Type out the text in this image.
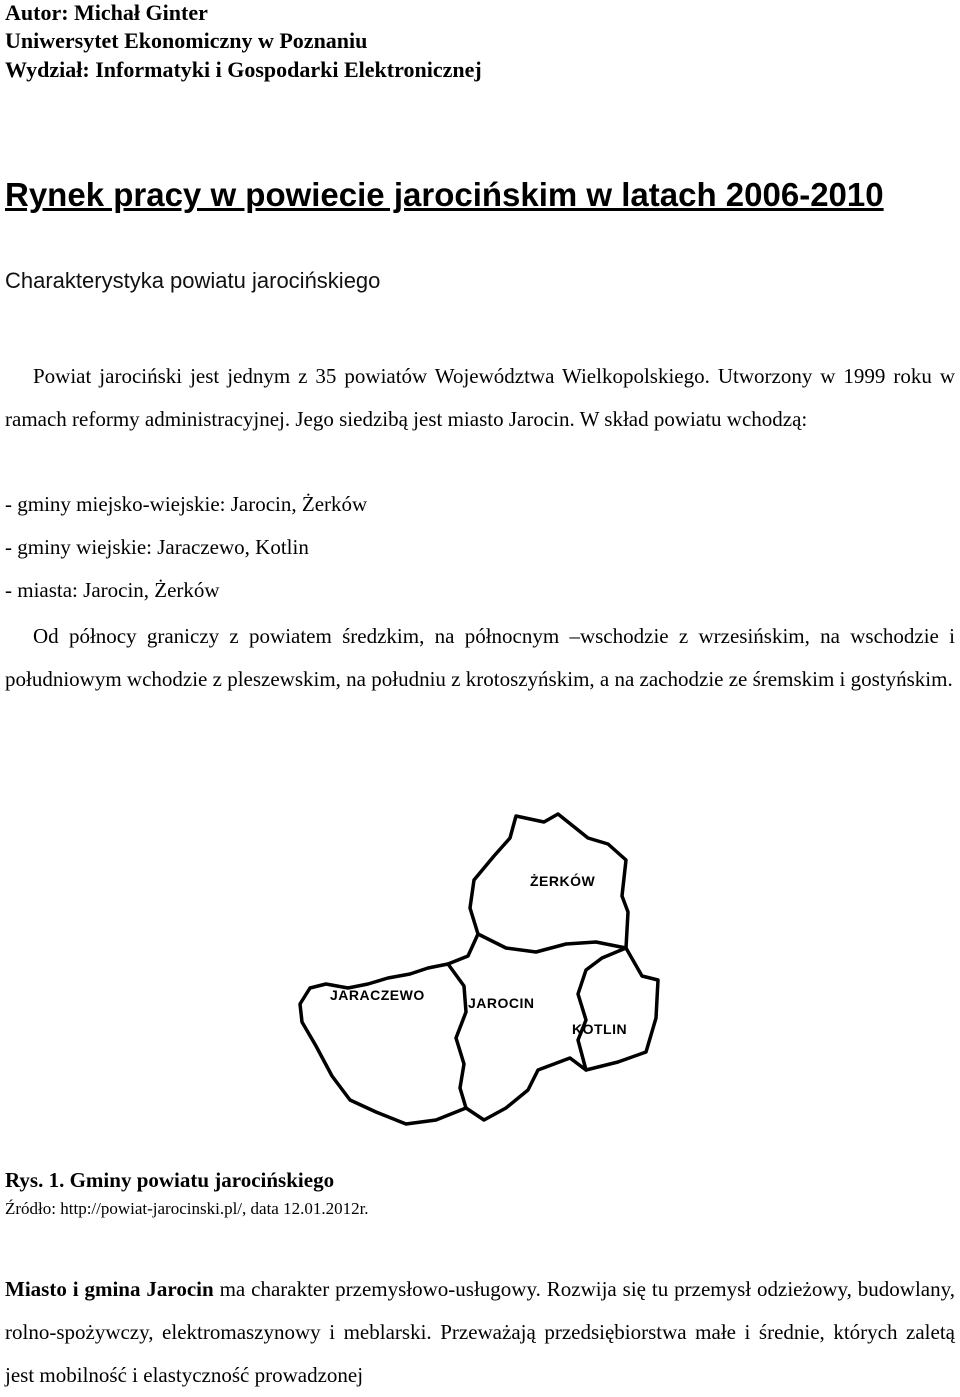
Autor: Michał Ginter
Uniwersytet Ekonomiczny w Poznaniu
Wydział: Informatyki i Gospodarki Elektronicznej
Rynek pracy w powiecie jarocińskim w latach 2006-2010
Charakterystyka powiatu jarocińskiego
Powiat jarociński jest jednym z 35 powiatów Województwa Wielkopolskiego. Utworzony w 1999 roku w ramach reformy administracyjnej. Jego siedzibą jest miasto Jarocin. W skład powiatu wchodzą:
- gminy miejsko-wiejskie: Jarocin, Żerków
- gminy wiejskie: Jaraczewo, Kotlin
- miasta: Jarocin, Żerków
Od północy graniczy z powiatem średzkim, na północnym –wschodzie z wrzesińskim, na wschodzie i południowym wchodzie z pleszewskim, na południu z krotoszyńskim, a na zachodzie ze śremskim i gostyńskim.
ŻERKÓW
JARACZEWO	JAROCIN
KOTLIN
Rys. 1. Gminy powiatu jarocińskiego
Źródło: http://powiat-jarocinski.pl/, data 12.01.2012r.
Miasto i gmina Jarocin ma charakter przemysłowo-usługowy. Rozwija się tu przemysł odzieżowy, budowlany, rolno-spożywczy, elektromaszynowy i meblarski. Przeważają przedsiębiorstwa małe i średnie, których zaletą jest mobilność i elastyczność prowadzonej
